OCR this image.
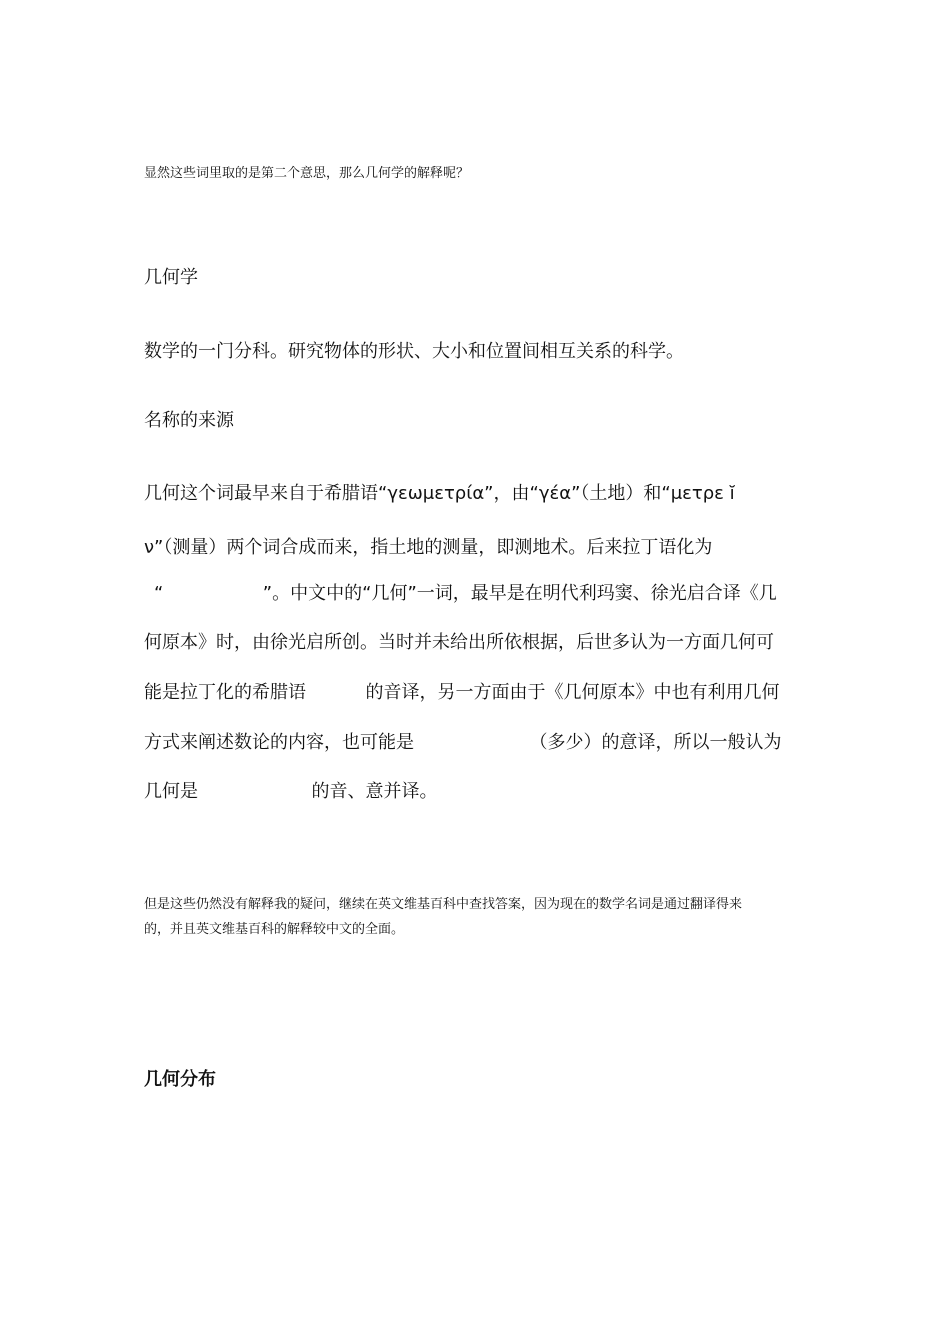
显然这些词里取的是第二个意思，那么几何学的解释呢？
几何学
数学的一门分科。研究物体的形状、大小和位置间相互关系的科学。
名称的来源
几何这个词最早来自于希腊语“γεωμετρία”，由“γέα”（土地）和“μετρε ĭ
ν”（测量）两个词合成而来，指土地的测量，即测地术。后来拉丁语化为
“	”。中文中的“几何”一词，最早是在明代利玛窦、徐光启合译《几
何原本》时，由徐光启所创。当时并未给出所依根据，后世多认为一方面几何可
能是拉丁化的希腊语	的音译，另一方面由于《几何原本》中也有利用几何
方式来阐述数论的内容，也可能是	（多少）的意译，所以一般认为
几何是	的音、意并译。
但是这些仍然没有解释我的疑问，继续在英文维基百科中查找答案，因为现在的数学名词是通过翻译得来
的，并且英文维基百科的解释较中文的全面。
几何分布
